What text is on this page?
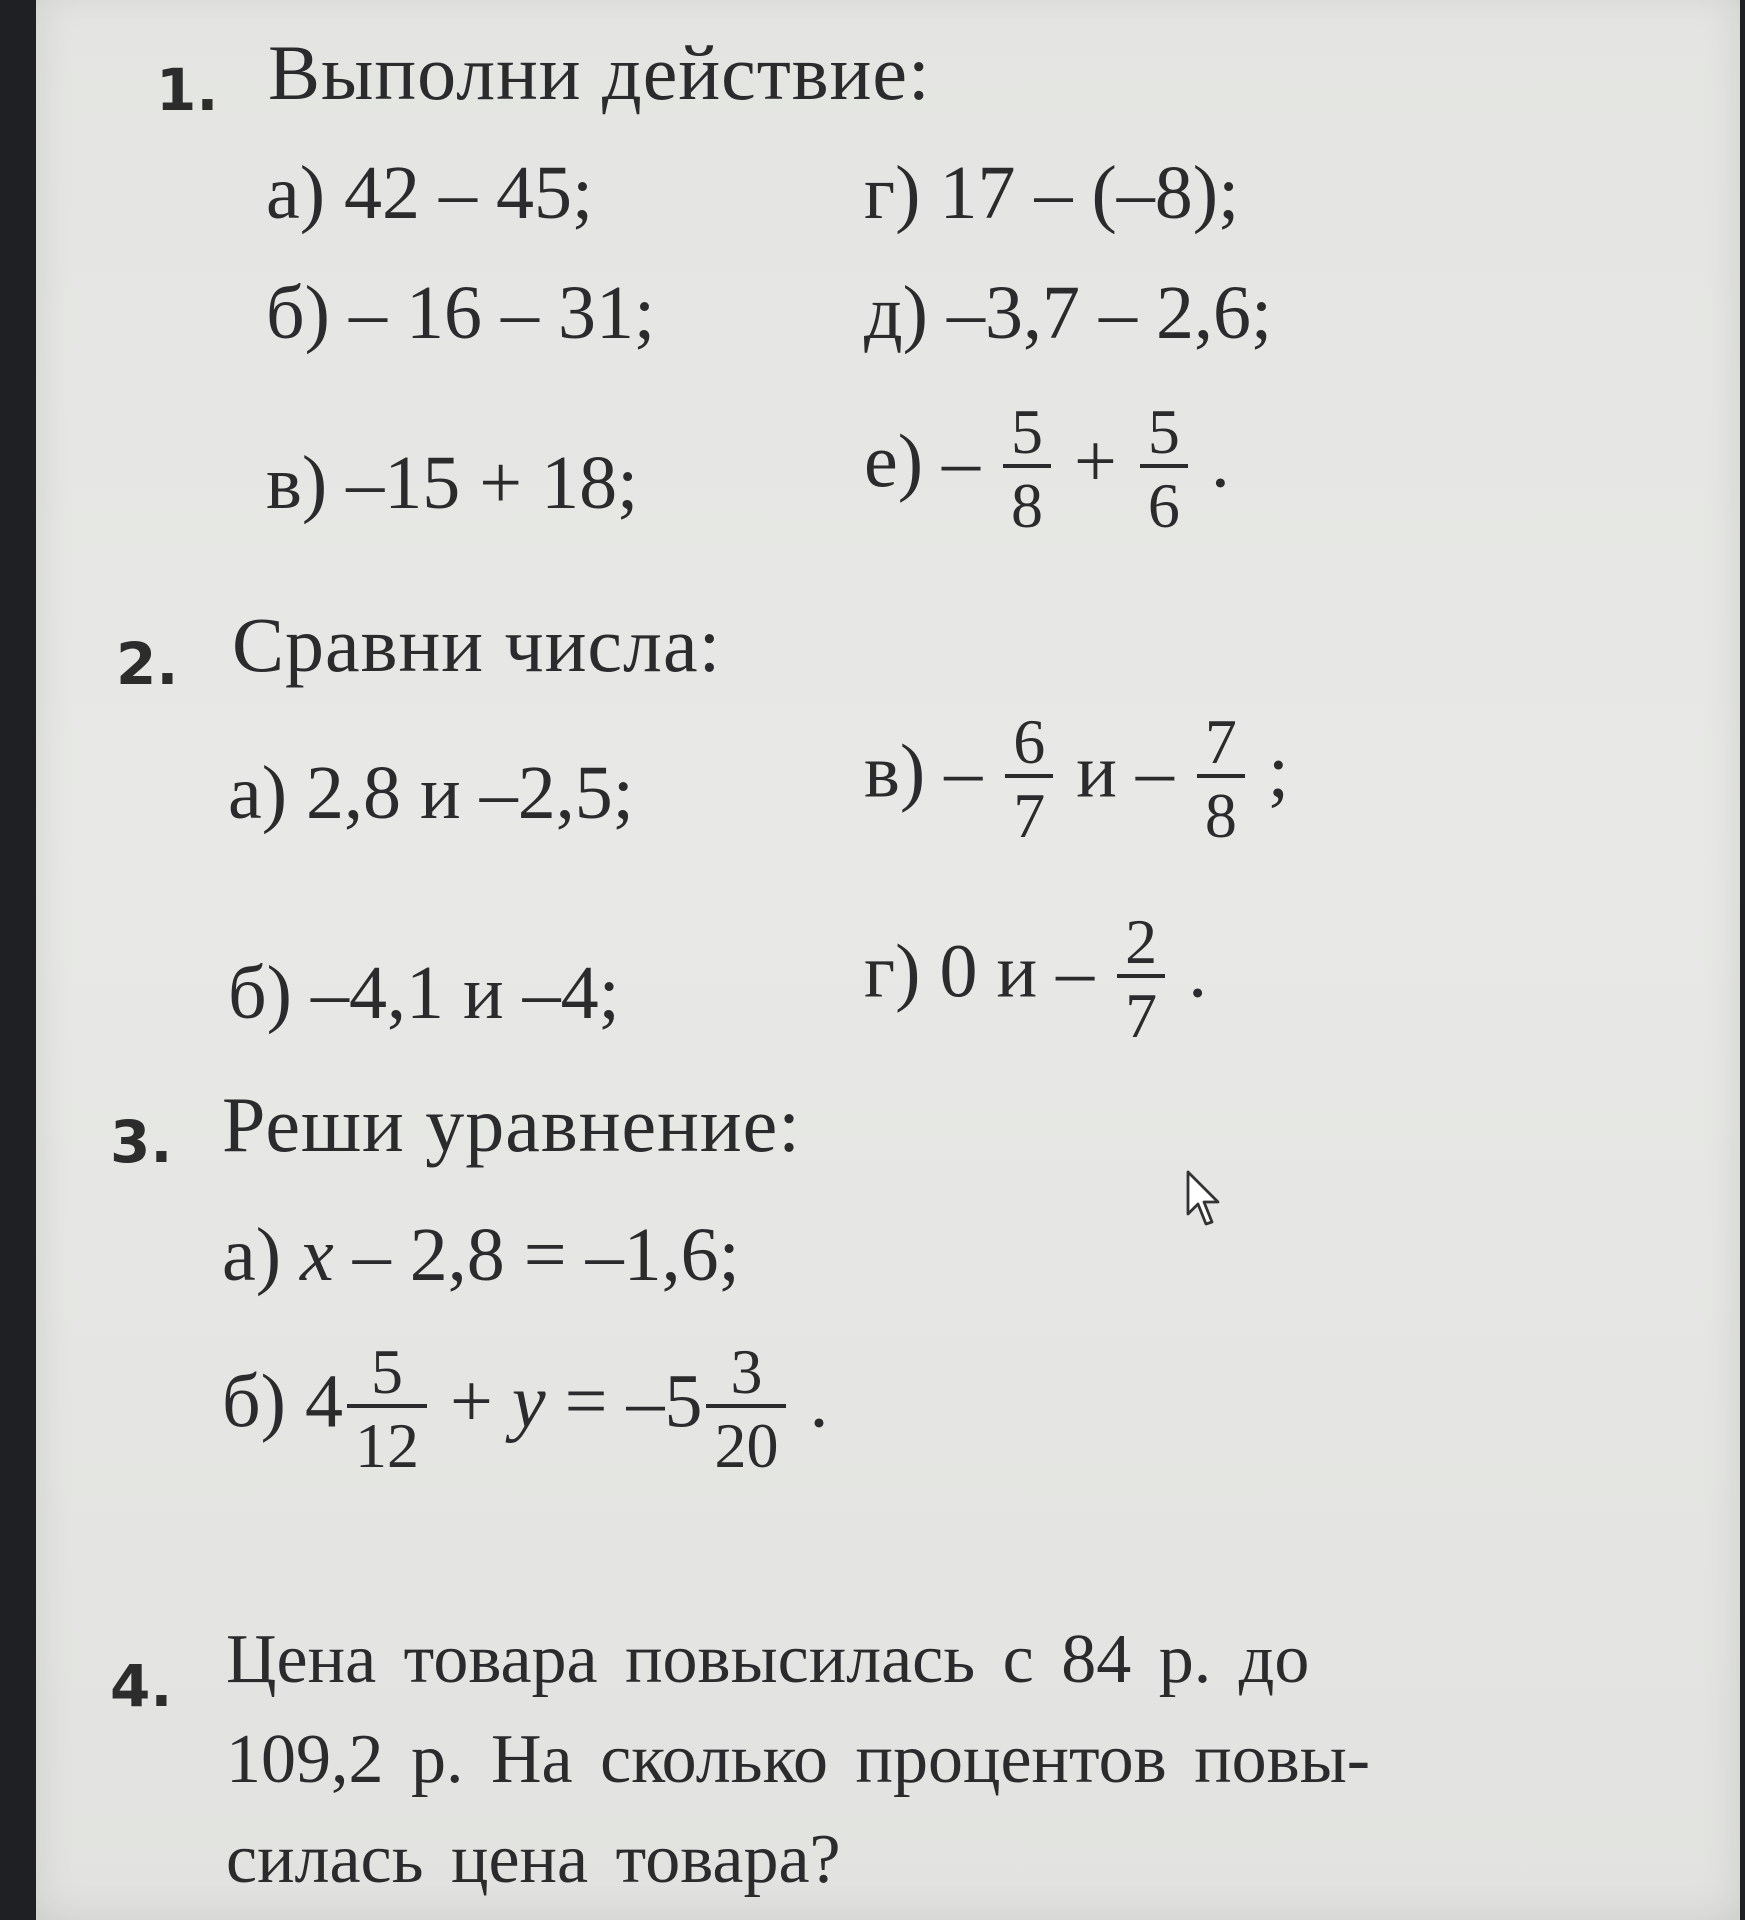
1. Выполни действие:
а) 42 – 45;	г) 17 – (–8);
б) – 16 – 31;	д) –3,7 – 2,6;
в) –15 + 18;	$е) - \frac{5}{8} + \frac{5}{6}$ .
2. Сравни числа:
а) 2,8 и –2,5;	$в) - \frac{6}{7}$ и – $\frac{7}{8}$ ;
б) –4,1 и –4;	г) 0 и – $\frac{2}{7}$ .
3. Реши уравнение:
а) x – 2,8 = –1,6;
б) $4 \frac{5}{12} + y = -5 \frac{3}{20}$ .
4. Цена товара повысилась с 84 р. до
109,2 р. На сколько процентов повы-
силась цена товара?
